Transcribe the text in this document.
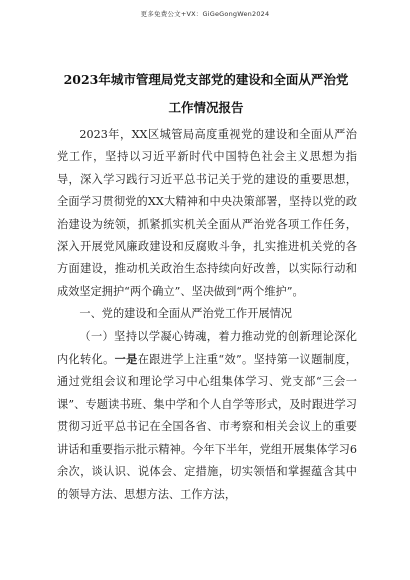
更多免费公文+VX：GiGeGongWen2024
2023年城市管理局党支部党的建设和全面从严治党工作情况报告

2023年，XX区城管局高度重视党的建设和全面从严治党工作，坚持以习近平新时代中国特色社会主义思想为指导，深入学习践行习近平总书记关于党的建设的重要思想，全面学习贯彻党的XX大精神和中央决策部署，坚持以党的政治建设为统领，抓紧抓实机关全面从严治党各项工作任务，深入开展党风廉政建设和反腐败斗争，扎实推进机关党的各方面建设，推动机关政治生态持续向好改善，以实际行动和成效坚定拥护“两个确立”、坚决做到“两个维护”。

一、党的建设和全面从严治党工作开展情况

（一）坚持以学凝心铸魂，着力推动党的创新理论深化内化转化。一是在跟进学上注重“效”。坚持第一议题制度，通过党组会议和理论学习中心组集体学习、党支部“三会一课”、专题读书班、集中学和个人自学等形式，及时跟进学习贯彻习近平总书记在全国各省、市考察和相关会议上的重要讲话和重要指示批示精神。今年下半年，党组开展集体学习6余次，谈认识、说体会、定措施，切实领悟和掌握蕴含其中的领导方法、思想方法、工作方法，
